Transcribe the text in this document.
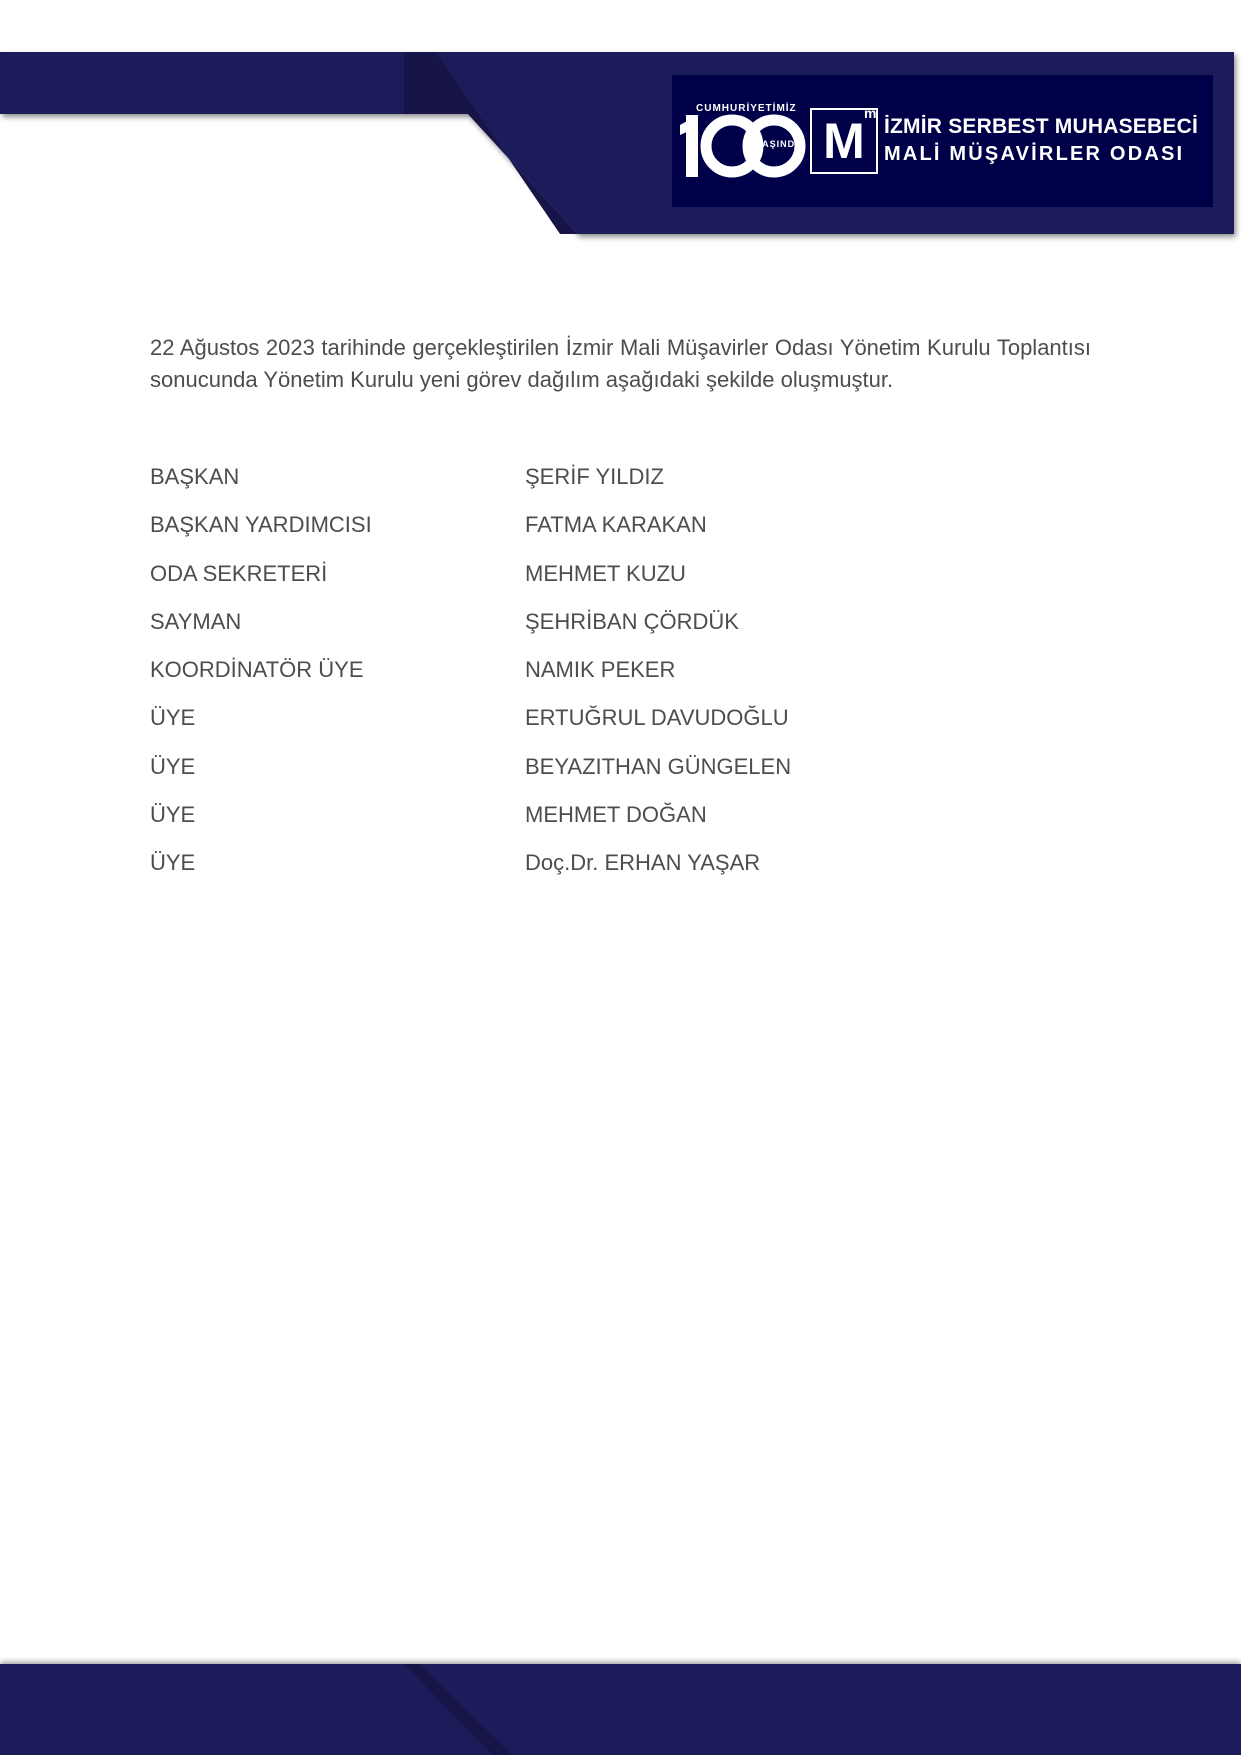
CUMHURİYETİMİZ
YAŞINDA M m
İZMİR SERBEST MUHASEBECİ
MALİ MÜŞAVİRLER ODASI

22 Ağustos 2023 tarihinde gerçekleştirilen İzmir Mali Müşavirler Odası Yönetim Kurulu Toplantısı sonucunda Yönetim Kurulu yeni görev dağılım aşağıdaki şekilde oluşmuştur.

BAŞKAN	ŞERİF YILDIZ
BAŞKAN YARDIMCISI	FATMA KARAKAN
ODA SEKRETERİ	MEHMET KUZU
SAYMAN	ŞEHRİBAN ÇÖRDÜK
KOORDİNATÖR ÜYE	NAMIK PEKER
ÜYE	ERTUĞRUL DAVUDOĞLU
ÜYE	BEYAZITHAN GÜNGELEN
ÜYE	MEHMET DOĞAN
ÜYE	Doç.Dr. ERHAN YAŞAR
